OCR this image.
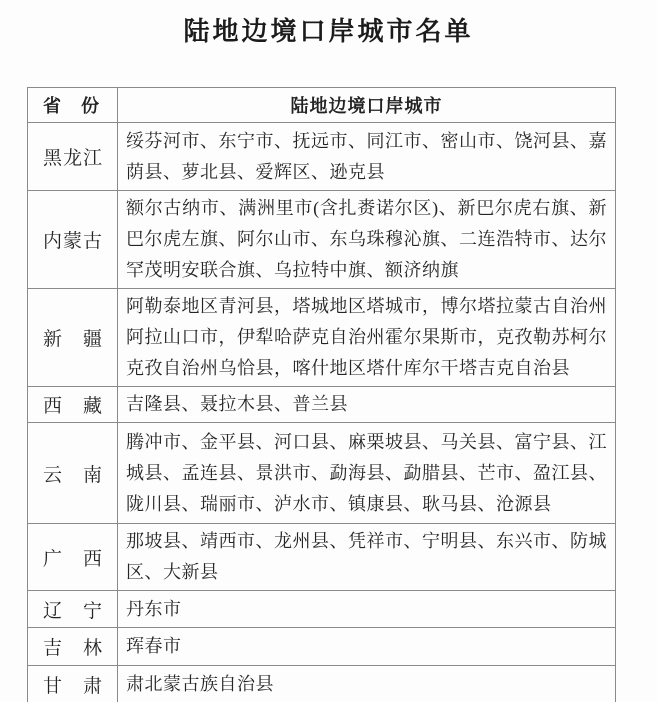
陆地边境口岸城市名单
省　份	陆地边境口岸城市
黑龙江	绥芬河市、东宁市、抚远市、同江市、密山市、饶河县、嘉荫县、萝北县、爱辉区、逊克县
内蒙古	额尔古纳市、满洲里市(含扎赉诺尔区)、新巴尔虎右旗、新巴尔虎左旗、阿尔山市、东乌珠穆沁旗、二连浩特市、达尔罕茂明安联合旗、乌拉特中旗、额济纳旗
新　疆	阿勒泰地区青河县，塔城地区塔城市，博尔塔拉蒙古自治州阿拉山口市，伊犁哈萨克自治州霍尔果斯市，克孜勒苏柯尔克孜自治州乌恰县，喀什地区塔什库尔干塔吉克自治县
西　藏	吉隆县、聂拉木县、普兰县
云　南	腾冲市、金平县、河口县、麻栗坡县、马关县、富宁县、江城县、孟连县、景洪市、勐海县、勐腊县、芒市、盈江县、陇川县、瑞丽市、泸水市、镇康县、耿马县、沧源县
广　西	那坡县、靖西市、龙州县、凭祥市、宁明县、东兴市、防城区、大新县
辽　宁	丹东市
吉　林	珲春市
甘　肃	肃北蒙古族自治县
